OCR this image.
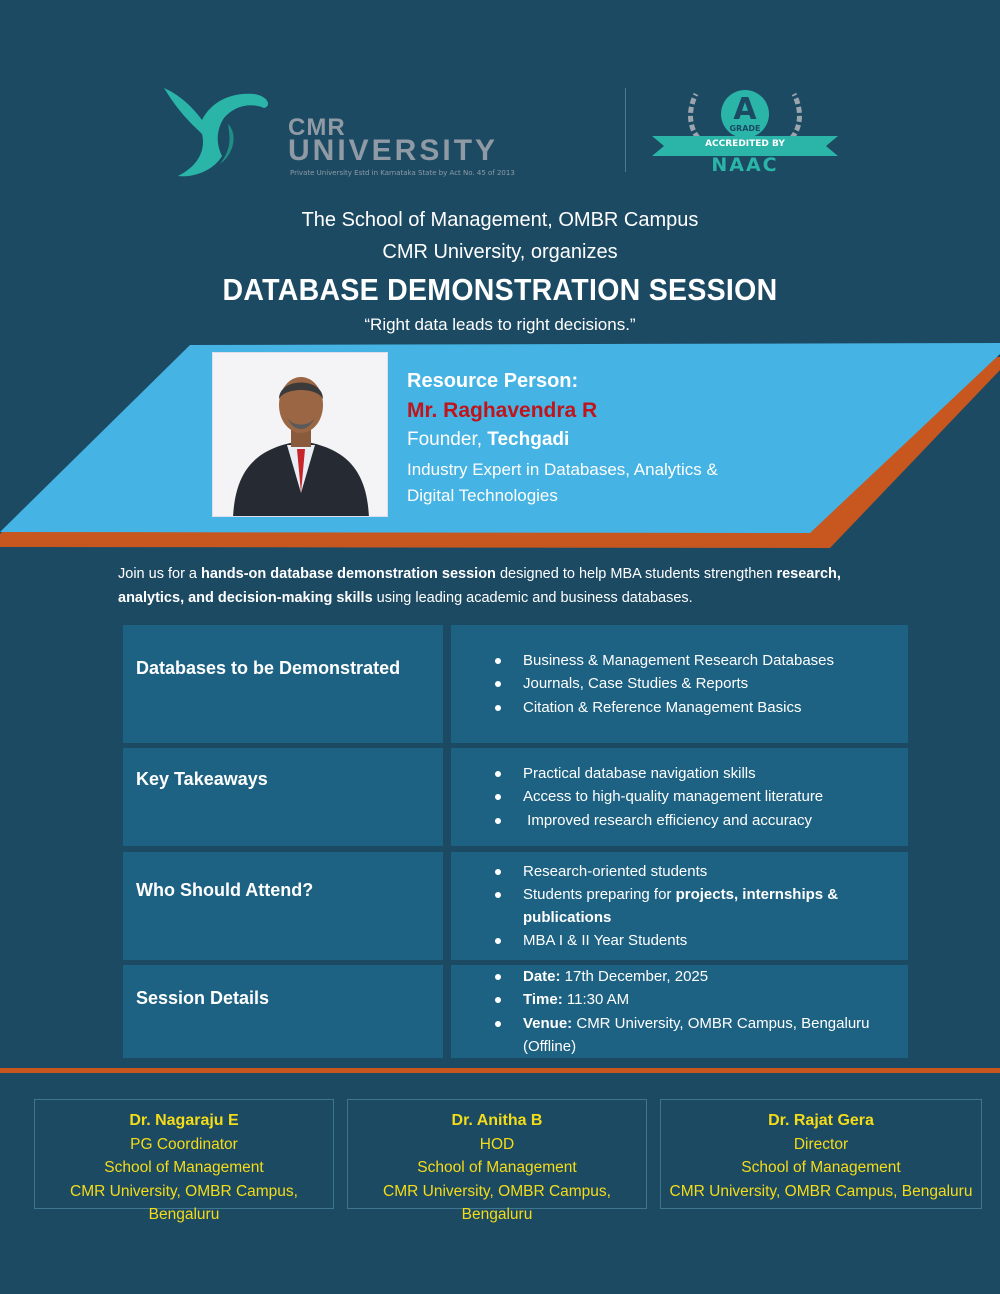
CMR
UNIVERSITY
Private University Estd in Karnataka State by Act No. 45 of 2013
A
GRADE
ACCREDITED BY
NAAC
The School of Management, OMBR Campus
CMR University, organizes
DATABASE DEMONSTRATION SESSION
“Right data leads to right decisions.”
Resource Person:
Mr. Raghavendra R
Founder, Techgadi
Industry Expert in Databases, Analytics & Digital Technologies
Join us for a hands-on database demonstration session designed to help MBA students strengthen research, analytics, and decision-making skills using leading academic and business databases.
Databases to be Demonstrated	Business & Management Research Databases
Journals, Case Studies & Reports
Citation & Reference Management Basics
Key Takeaways	Practical database navigation skills
Access to high-quality management literature
Improved research efficiency and accuracy
Who Should Attend?
Research-oriented students
Students preparing for projects, internships & publications
MBA I & II Year Students
Session Details
Date: 17th December, 2025
Time: 11:30 AM
Venue: CMR University, OMBR Campus, Bengaluru (Offline)
Dr. Nagaraju E
PG Coordinator
School of Management
CMR University, OMBR Campus, Bengaluru
Dr. Anitha B
HOD
School of Management
CMR University, OMBR Campus, Bengaluru
Dr. Rajat Gera
Director
School of Management
CMR University, OMBR Campus, Bengaluru
